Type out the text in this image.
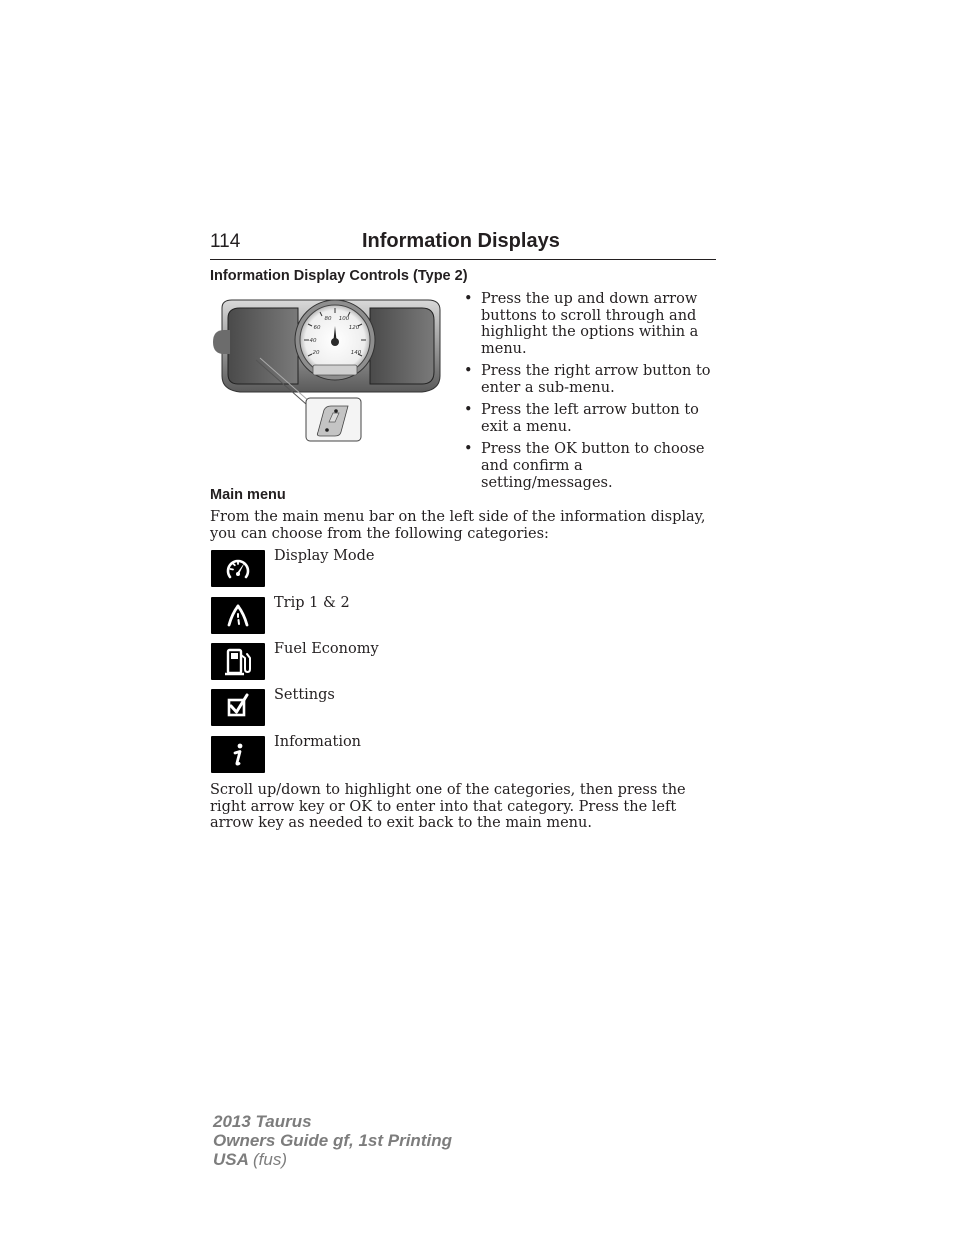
114	Information Displays
Information Display Controls (Type 2)
20
40
60
80 100
120
140
• Press the up and down arrow buttons to scroll through and highlight the options within a menu.
• Press the right arrow button to enter a sub-menu.
• Press the left arrow button to exit a menu.
• Press the OK button to choose and confirm a setting/messages.
Main menu

From the main menu bar on the left side of the information display, you can choose from the following categories:

Display Mode
Trip 1 & 2
Fuel Economy
Settings
Information

Scroll up/down to highlight one of the categories, then press the right arrow key or OK to enter into that category. Press the left arrow key as needed to exit back to the main menu.

2013 Taurus
Owners Guide gf, 1st Printing
USA (fus)
